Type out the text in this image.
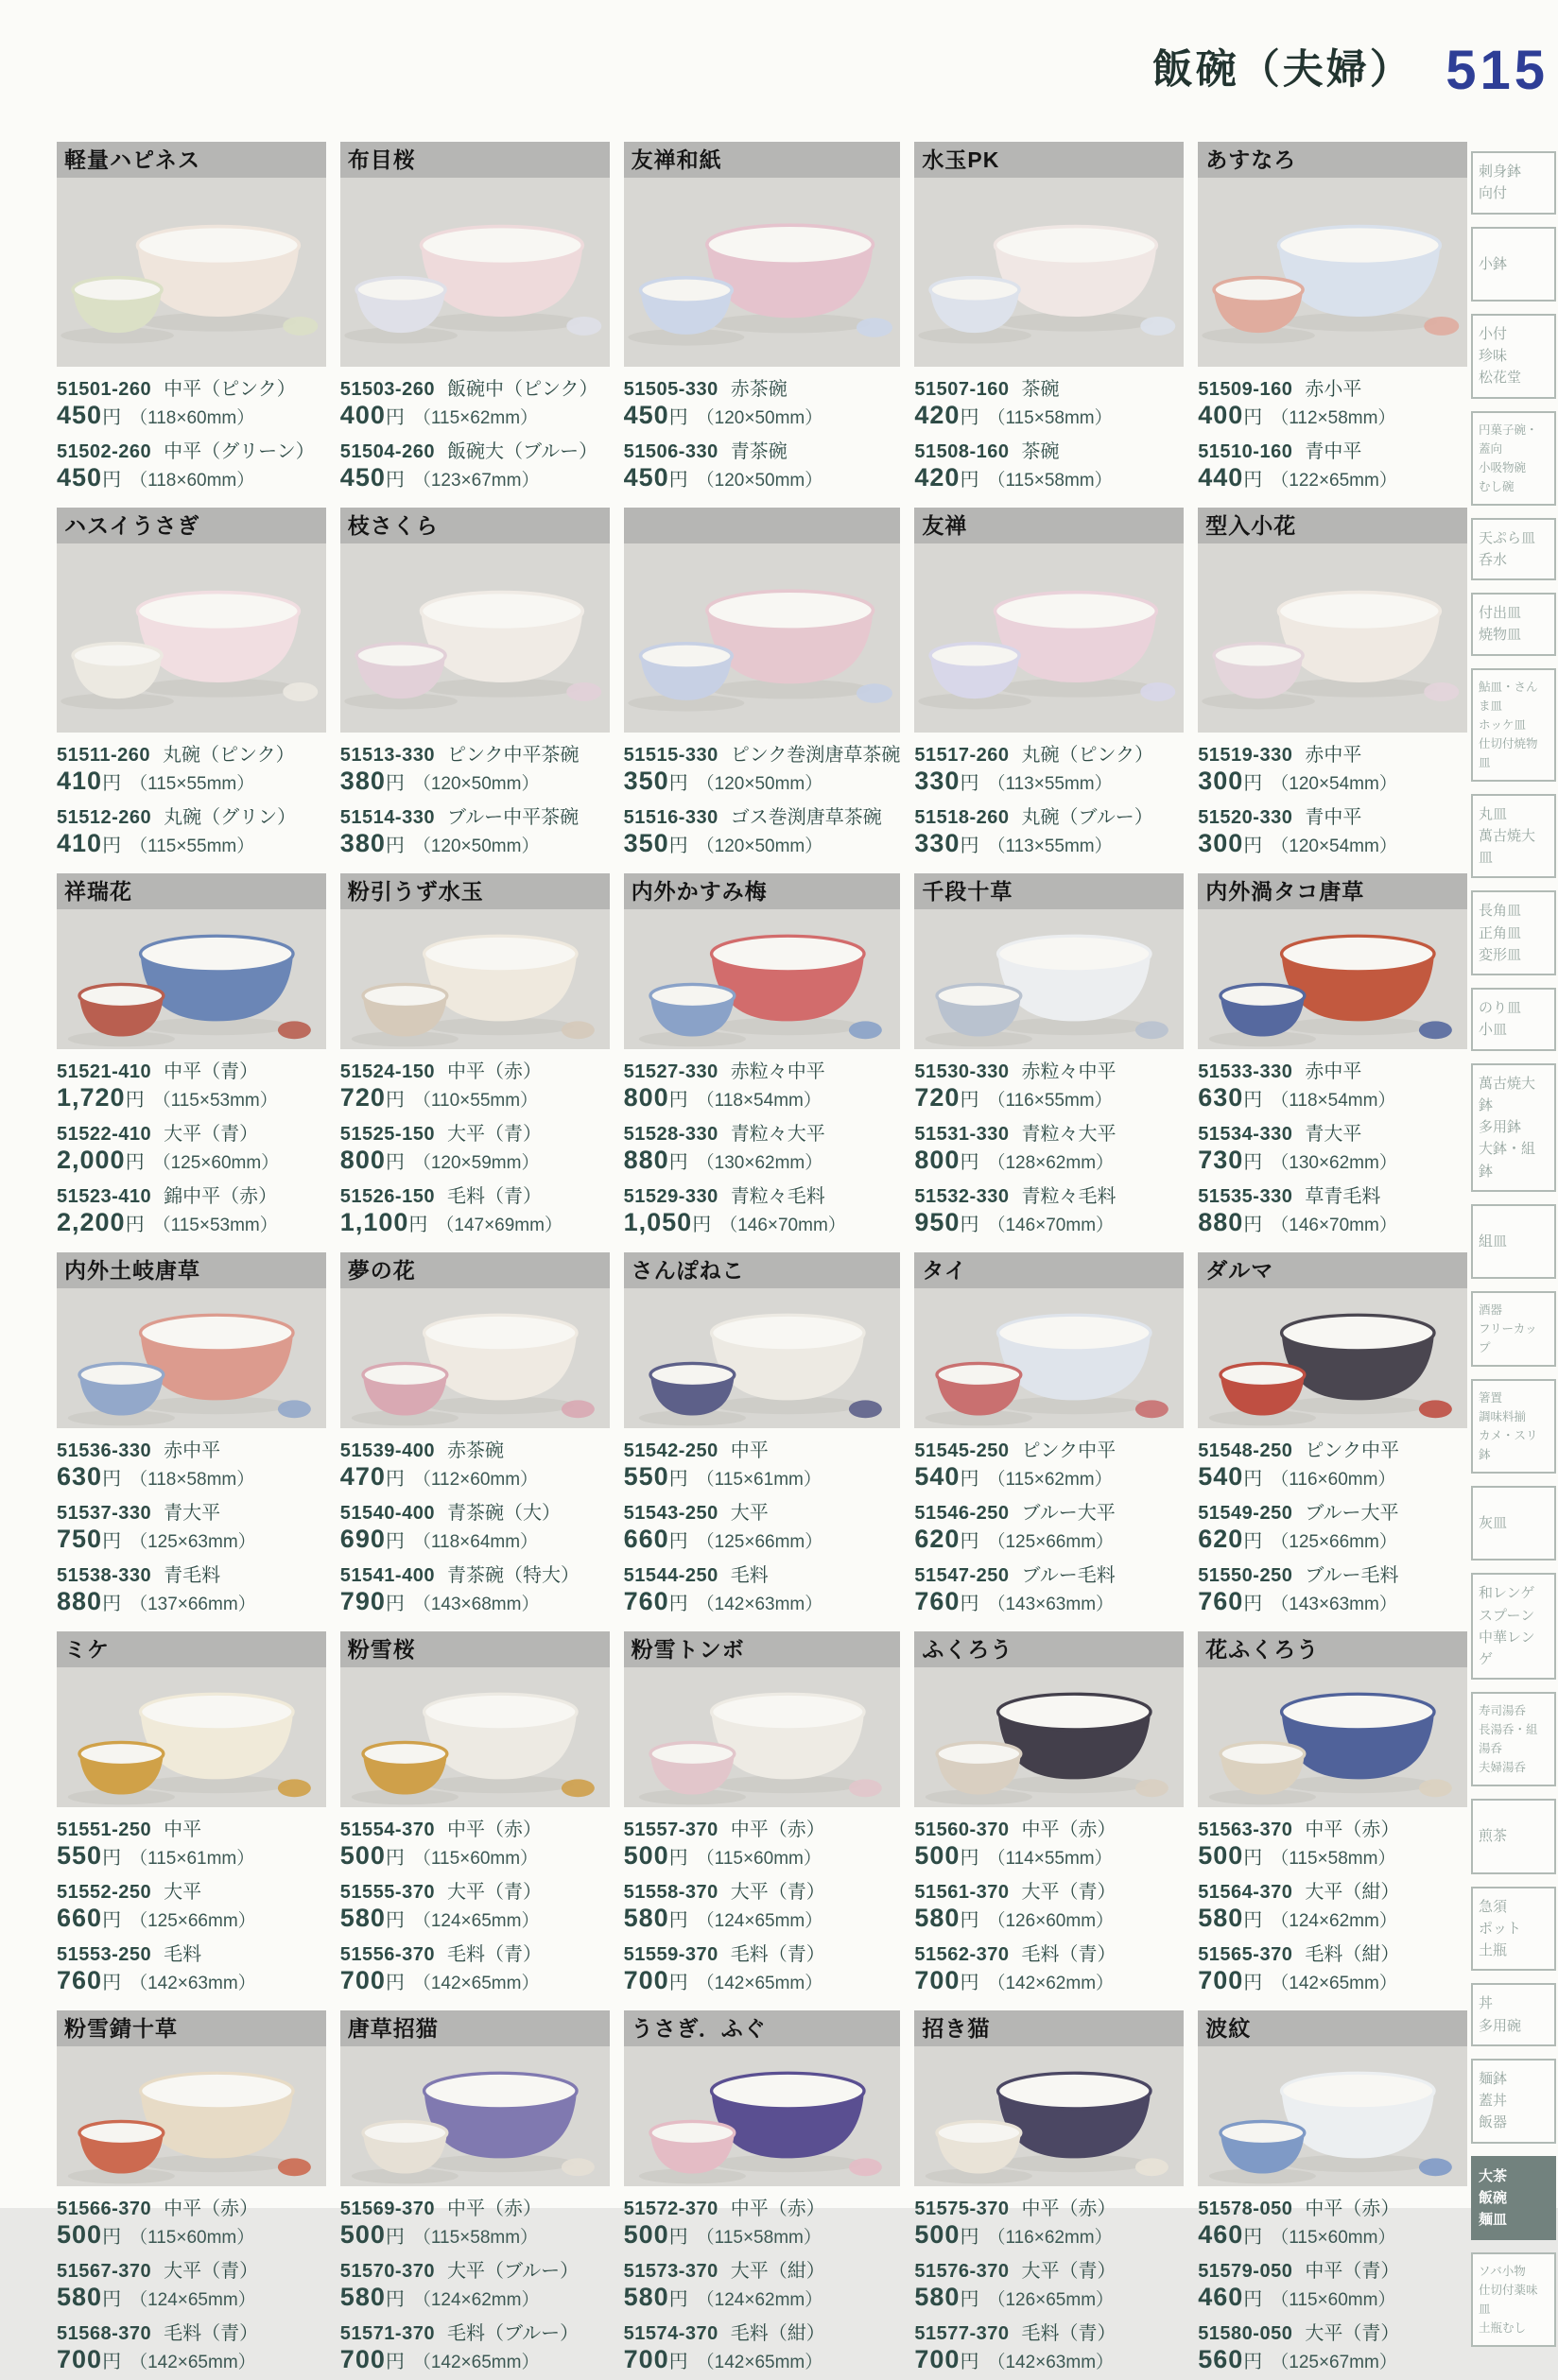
飯碗（夫婦） 515
軽量ハピネス
51501-260 中平（ピンク）
450円 （118×60mm）
51502-260 中平（グリーン）
450円 （118×60mm）
布目桜
51503-260 飯碗中（ピンク）
400円 （115×62mm）
51504-260 飯碗大（ブルー）
450円 （123×67mm）
友禅和紙
51505-330 赤茶碗
450円 （120×50mm）
51506-330 青茶碗
450円 （120×50mm）
水玉PK
51507-160 茶碗
420円 （115×58mm）
51508-160 茶碗
420円 （115×58mm）
あすなろ
51509-160 赤小平
400円 （112×58mm）
51510-160 青中平
440円 （122×65mm）
ハスイうさぎ
51511-260 丸碗（ピンク）
410円 （115×55mm）
51512-260 丸碗（グリン）
410円 （115×55mm）
枝さくら
51513-330 ピンク中平茶碗
380円 （120×50mm）
51514-330 ブルー中平茶碗
380円 （120×50mm）
51515-330 ピンク巻渕唐草茶碗
350円 （120×50mm）
51516-330 ゴス巻渕唐草茶碗
350円 （120×50mm）
友禅
51517-260 丸碗（ピンク）
330円 （113×55mm）
51518-260 丸碗（ブルー）
330円 （113×55mm）
型入小花
51519-330 赤中平
300円 （120×54mm）
51520-330 青中平
300円 （120×54mm）
祥瑞花
51521-410 中平（青）
1,720円 （115×53mm）
51522-410 大平（青）
2,000円 （125×60mm）
51523-410 錦中平（赤）
2,200円 （115×53mm）
粉引うず水玉
51524-150 中平（赤）
720円 （110×55mm）
51525-150 大平（青）
800円 （120×59mm）
51526-150 毛料（青）
1,100円 （147×69mm）
内外かすみ梅
51527-330 赤粒々中平
800円 （118×54mm）
51528-330 青粒々大平
880円 （130×62mm）
51529-330 青粒々毛料
1,050円 （146×70mm）
千段十草
51530-330 赤粒々中平
720円 （116×55mm）
51531-330 青粒々大平
800円 （128×62mm）
51532-330 青粒々毛料
950円 （146×70mm）
内外渦タコ唐草
51533-330 赤中平
630円 （118×54mm）
51534-330 青大平
730円 （130×62mm）
51535-330 草青毛料
880円 （146×70mm）
内外土岐唐草
51536-330 赤中平
630円 （118×58mm）
51537-330 青大平
750円 （125×63mm）
51538-330 青毛料
880円 （137×66mm）
夢の花
51539-400 赤茶碗
470円 （112×60mm）
51540-400 青茶碗（大）
690円 （118×64mm）
51541-400 青茶碗（特大）
790円 （143×68mm）
さんぽねこ
51542-250 中平
550円 （115×61mm）
51543-250 大平
660円 （125×66mm）
51544-250 毛料
760円 （142×63mm）
タイ
51545-250 ピンク中平
540円 （115×62mm）
51546-250 ブルー大平
620円 （125×66mm）
51547-250 ブルー毛料
760円 （143×63mm）
ダルマ
51548-250 ピンク中平
540円 （116×60mm）
51549-250 ブルー大平
620円 （125×66mm）
51550-250 ブルー毛料
760円 （143×63mm）
ミケ
51551-250 中平
550円 （115×61mm）
51552-250 大平
660円 （125×66mm）
51553-250 毛料
760円 （142×63mm）
粉雪桜
51554-370 中平（赤）
500円 （115×60mm）
51555-370 大平（青）
580円 （124×65mm）
51556-370 毛料（青）
700円 （142×65mm）
粉雪トンボ
51557-370 中平（赤）
500円 （115×60mm）
51558-370 大平（青）
580円 （124×65mm）
51559-370 毛料（青）
700円 （142×65mm）
ふくろう
51560-370 中平（赤）
500円 （114×55mm）
51561-370 大平（青）
580円 （126×60mm）
51562-370 毛料（青）
700円 （142×62mm）
花ふくろう
51563-370 中平（赤）
500円 （115×58mm）
51564-370 大平（紺）
580円 （124×62mm）
51565-370 毛料（紺）
700円 （142×65mm）
粉雪錆十草
51566-370 中平（赤）
500円 （115×60mm）
51567-370 大平（青）
580円 （124×65mm）
51568-370 毛料（青）
700円 （142×65mm）
唐草招猫
51569-370 中平（赤）
500円 （115×58mm）
51570-370 大平（ブルー）
580円 （124×62mm）
51571-370 毛料（ブルー）
700円 （142×65mm）
うさぎ．ふぐ
51572-370 中平（赤）
500円 （115×58mm）
51573-370 大平（紺）
580円 （124×62mm）
51574-370 毛料（紺）
700円 （142×65mm）
招き猫
51575-370 中平（赤）
500円 （116×62mm）
51576-370 大平（青）
580円 （126×65mm）
51577-370 毛料（青）
700円 （142×63mm）
波紋
51578-050 中平（赤）
460円 （115×60mm）
51579-050 中平（青）
460円 （115×60mm）
51580-050 大平（青）
560円 （125×67mm）
刺身鉢
向付
小鉢
小付
珍味
松花堂
円菓子碗・蓋向
小吸物碗
むし碗
天ぷら皿
呑水
付出皿
焼物皿
鮎皿・さんま皿
ホッケ皿
仕切付焼物皿
丸皿
萬古焼大皿
長角皿
正角皿
変形皿
のり皿
小皿
萬古焼大鉢
多用鉢
大鉢・組鉢
組皿
酒器
フリーカップ
箸置
調味料揃
カメ・スリ鉢
灰皿
和レンゲ
スプーン
中華レンゲ
寿司湯呑
長湯呑・組湯呑
夫婦湯呑
煎茶
急須
ポット
土瓶
丼
多用碗
麺鉢
蓋丼
飯器
大茶
飯碗
麺皿
ソバ小物
仕切付薬味皿
土瓶むし
